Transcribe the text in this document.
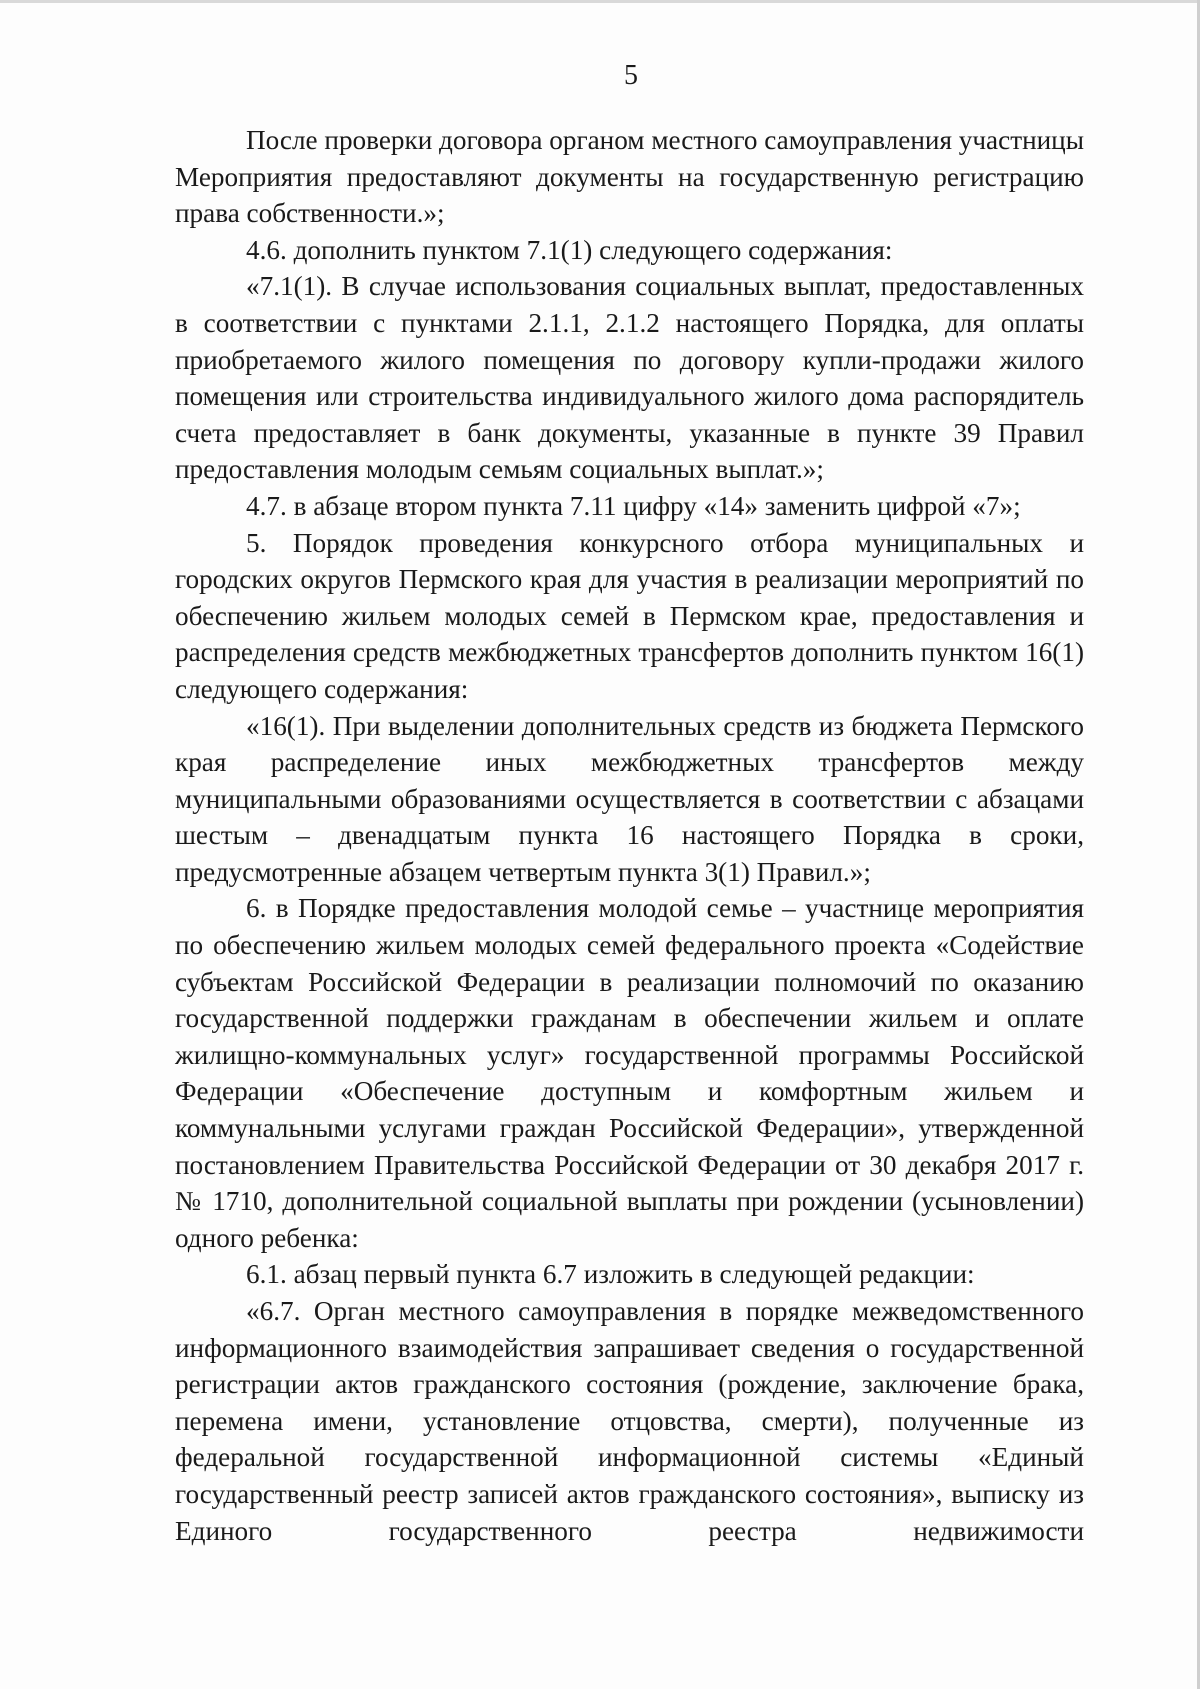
5

После проверки договора органом местного самоуправления участницы Мероприятия предоставляют документы на государственную регистрацию права собственности.»;

4.6. дополнить пунктом 7.1(1) следующего содержания:

«7.1(1). В случае использования социальных выплат, предоставленных в соответствии с пунктами 2.1.1, 2.1.2 настоящего Порядка, для оплаты приобретаемого жилого помещения по договору купли-продажи жилого помещения или строительства индивидуального жилого дома распорядитель счета предоставляет в банк документы, указанные в пункте 39 Правил предоставления молодым семьям социальных выплат.»;

4.7. в абзаце втором пункта 7.11 цифру «14» заменить цифрой «7»;

5. Порядок проведения конкурсного отбора муниципальных и городских округов Пермского края для участия в реализации мероприятий по обеспечению жильем молодых семей в Пермском крае, предоставления и распределения средств межбюджетных трансфертов дополнить пунктом 16(1) следующего содержания:

«16(1). При выделении дополнительных средств из бюджета Пермского края распределение иных межбюджетных трансфертов между муниципальными образованиями осуществляется в соответствии с абзацами шестым – двенадцатым пункта 16 настоящего Порядка в сроки, предусмотренные абзацем четвертым пункта 3(1) Правил.»;

6. в Порядке предоставления молодой семье – участнице мероприятия по обеспечению жильем молодых семей федерального проекта «Содействие субъектам Российской Федерации в реализации полномочий по оказанию государственной поддержки гражданам в обеспечении жильем и оплате жилищно-коммунальных услуг» государственной программы Российской Федерации «Обеспечение доступным и комфортным жильем и коммунальными услугами граждан Российской Федерации», утвержденной постановлением Правительства Российской Федерации от 30 декабря 2017 г. № 1710, дополнительной социальной выплаты при рождении (усыновлении) одного ребенка:

6.1. абзац первый пункта 6.7 изложить в следующей редакции:

«6.7. Орган местного самоуправления в порядке межведомственного информационного взаимодействия запрашивает сведения о государственной регистрации актов гражданского состояния (рождение, заключение брака, перемена имени, установление отцовства, смерти), полученные из федеральной государственной информационной системы «Единый государственный реестр записей актов гражданского состояния», выписку из Единого государственного реестра недвижимости
